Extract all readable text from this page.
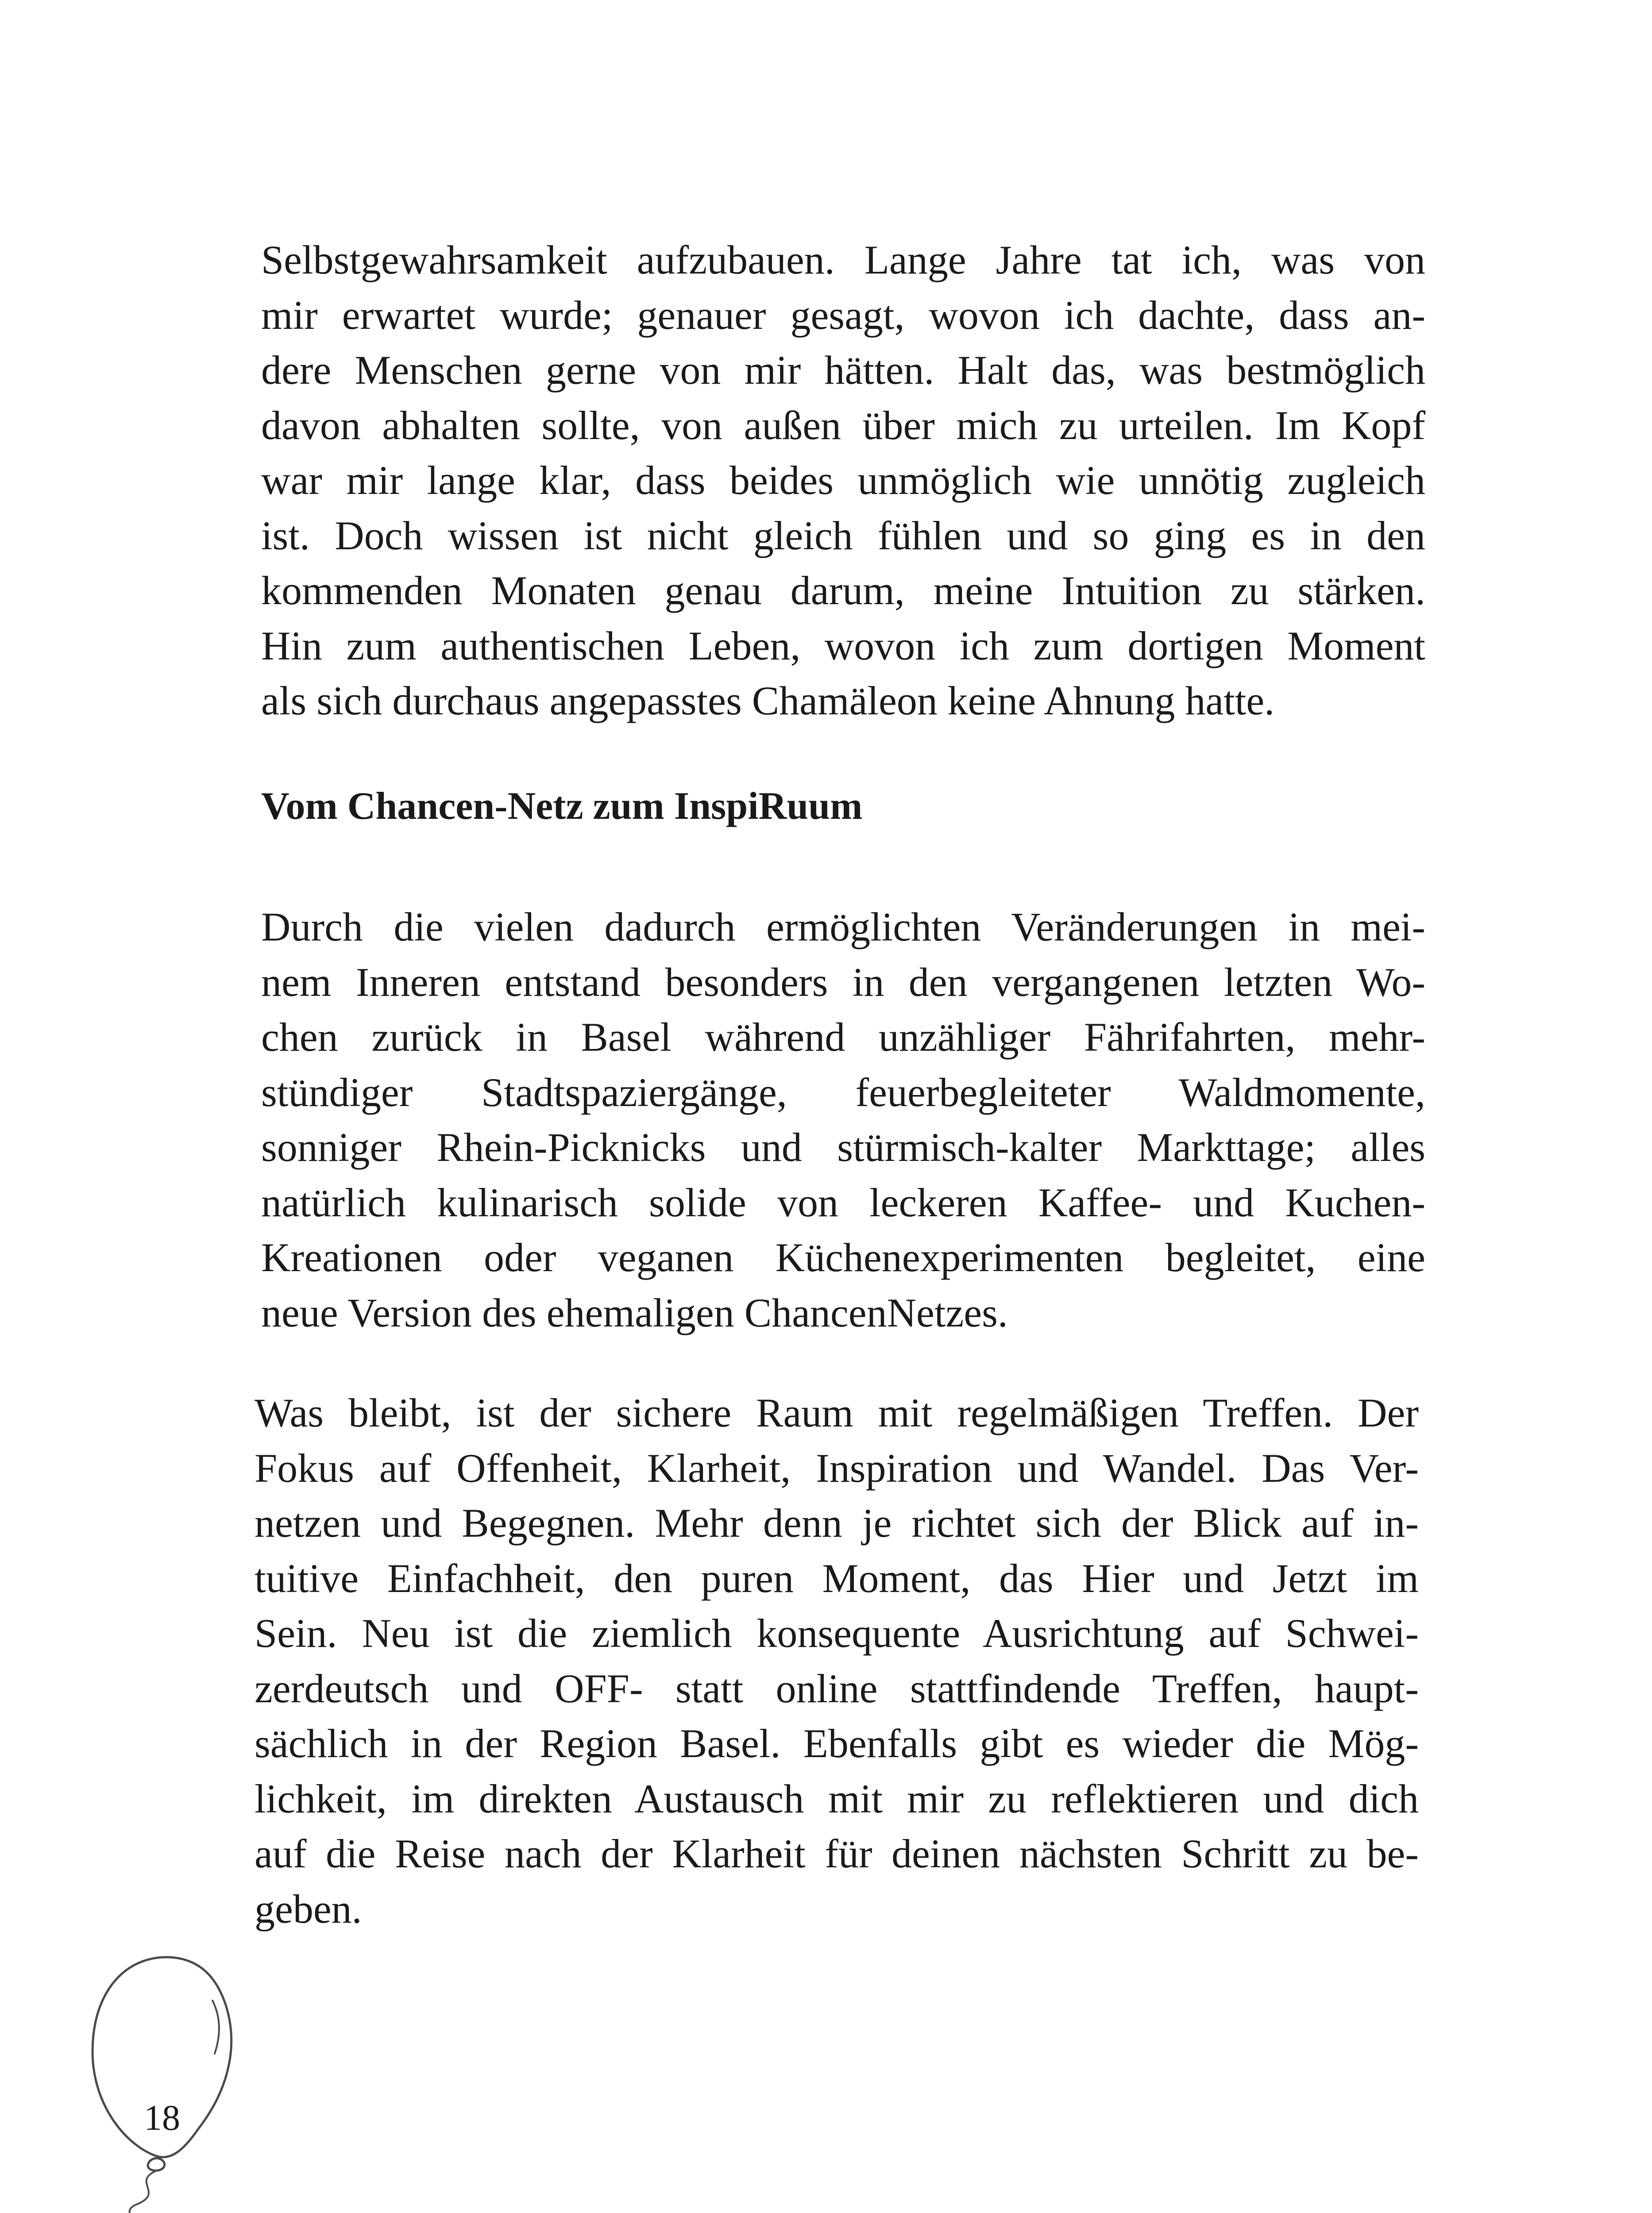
Selbstgewahrsamkeit aufzubauen. Lange Jahre tat ich, was von
mir erwartet wurde; genauer gesagt, wovon ich dachte, dass an-
dere Menschen gerne von mir hätten. Halt das, was bestmöglich
davon abhalten sollte, von außen über mich zu urteilen. Im Kopf
war mir lange klar, dass beides unmöglich wie unnötig zugleich
ist. Doch wissen ist nicht gleich fühlen und so ging es in den
kommenden Monaten genau darum, meine Intuition zu stärken.
Hin zum authentischen Leben, wovon ich zum dortigen Moment
als sich durchaus angepasstes Chamäleon keine Ahnung hatte.

Vom Chancen-Netz zum InspiRuum

Durch die vielen dadurch ermöglichten Veränderungen in mei-
nem Inneren entstand besonders in den vergangenen letzten Wo-
chen zurück in Basel während unzähliger Fährifahrten, mehr-
stündiger Stadtspaziergänge, feuerbegleiteter Waldmomente,
sonniger Rhein-Picknicks und stürmisch-kalter Markttage; alles
natürlich kulinarisch solide von leckeren Kaffee- und Kuchen-
Kreationen oder veganen Küchenexperimenten begleitet, eine
neue Version des ehemaligen ChancenNetzes.

Was bleibt, ist der sichere Raum mit regelmäßigen Treffen. Der
Fokus auf Offenheit, Klarheit, Inspiration und Wandel. Das Ver-
netzen und Begegnen. Mehr denn je richtet sich der Blick auf in-
tuitive Einfachheit, den puren Moment, das Hier und Jetzt im
Sein. Neu ist die ziemlich konsequente Ausrichtung auf Schwei-
zerdeutsch und OFF- statt online stattfindende Treffen, haupt-
sächlich in der Region Basel. Ebenfalls gibt es wieder die Mög-
lichkeit, im direkten Austausch mit mir zu reflektieren und dich
auf die Reise nach der Klarheit für deinen nächsten Schritt zu be-
geben.

18
